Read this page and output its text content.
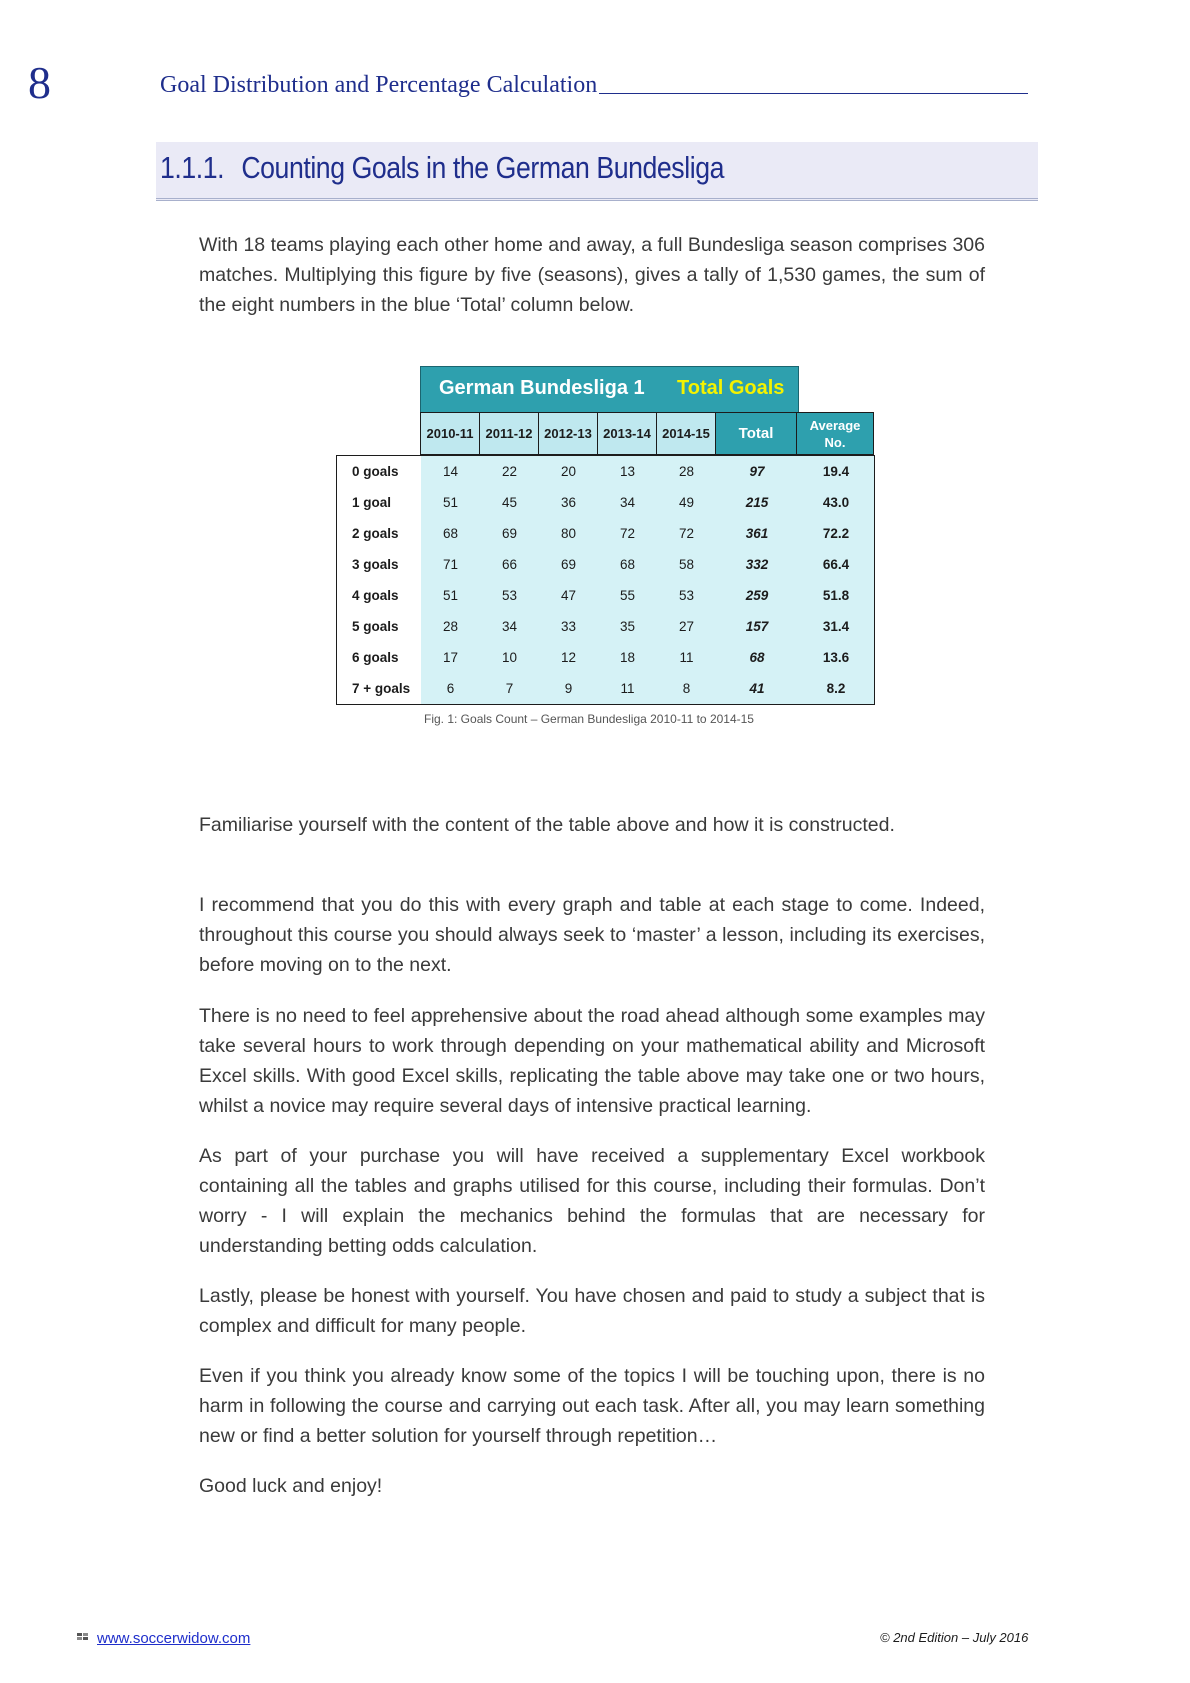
8	Goal Distribution and Percentage Calculation
1.1.1. Counting Goals in the German Bundesliga
With 18 teams playing each other home and away, a full Bundesliga season comprises 306 matches. Multiplying this figure by five (seasons), gives a tally of 1,530 games, the sum of the eight numbers in the blue ‘Total’ column below.
German Bundesliga 1 Total Goals
2010-11 2011-12 2012-13 2013-14 2014-15	Total	Average
No.
0 goals	14	22	20	13	28	97	19.4
1 goal	51	45	36	34	49	215	43.0
2 goals	68	69	80	72	72	361	72.2
3 goals	71	66	69	68	58	332	66.4
4 goals	51	53	47	55	53	259	51.8
5 goals	28	34	33	35	27	157	31.4
6 goals	17	10	12	18	11	68	13.6
7 + goals	6	7	9	11	8	41	8.2
Fig. 1: Goals Count – German Bundesliga 2010-11 to 2014-15
Familiarise yourself with the content of the table above and how it is constructed.
I recommend that you do this with every graph and table at each stage to come. Indeed, throughout this course you should always seek to ‘master’ a lesson, including its exercises, before moving on to the next.
There is no need to feel apprehensive about the road ahead although some examples may take several hours to work through depending on your mathematical ability and Microsoft Excel skills. With good Excel skills, replicating the table above may take one or two hours, whilst a novice may require several days of intensive practical learning.
As part of your purchase you will have received a supplementary Excel workbook containing all the tables and graphs utilised for this course, including their formulas. Don’t worry - I will explain the mechanics behind the formulas that are necessary for understanding betting odds calculation.
Lastly, please be honest with yourself. You have chosen and paid to study a subject that is complex and difficult for many people.
Even if you think you already know some of the topics I will be touching upon, there is no harm in following the course and carrying out each task. After all, you may learn something new or find a better solution for yourself through repetition…
Good luck and enjoy!
www.soccerwidow.com	© 2nd Edition – July 2016
